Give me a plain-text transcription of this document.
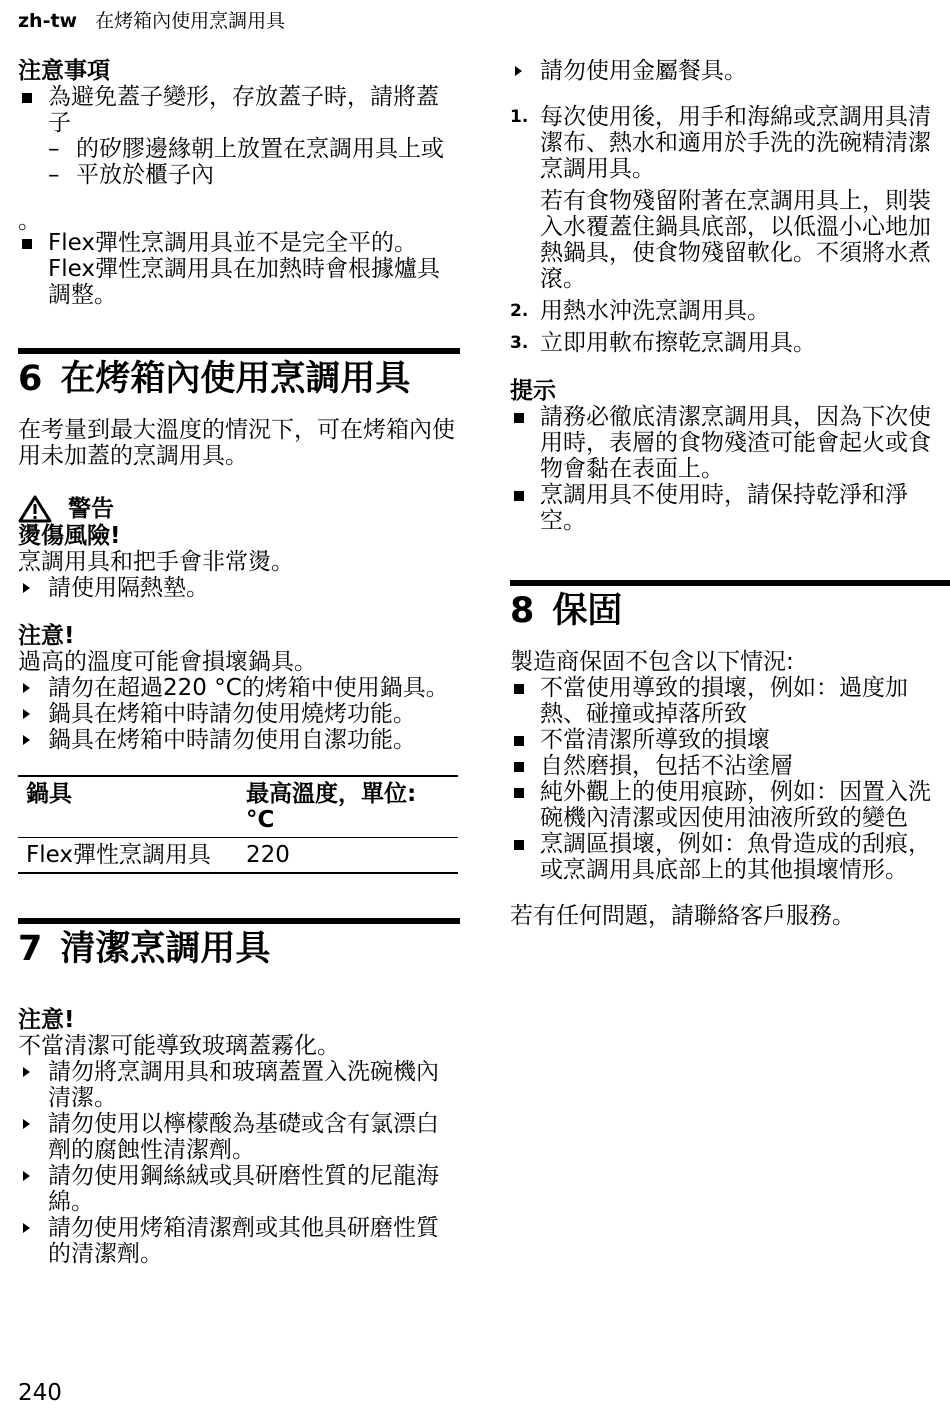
zh-tw 在烤箱內使用烹調用具
注意事項
為避免蓋子變形，存放蓋子時，請將蓋子
– 的矽膠邊緣朝上放置在烹調用具上或
– 平放於櫃子內
。
Flex彈性烹調用具並不是完全平的。Flex彈性烹調用具在加熱時會根據爐具調整。
6 在烤箱內使用烹調用具

在考量到最大溫度的情況下，可在烤箱內使用未加蓋的烹調用具。

警告
燙傷風險!

烹調用具和把手會非常燙。

請使用隔熱墊。
注意!

過高的溫度可能會損壞鍋具。

請勿在超過220 °C的烤箱中使用鍋具。
鍋具在烤箱中時請勿使用燒烤功能。
鍋具在烤箱中時請勿使用自潔功能。
鍋具	最高溫度，單位: °C
Flex彈性烹調用具	220
7 清潔烹調用具
注意!

不當清潔可能導致玻璃蓋霧化。

請勿將烹調用具和玻璃蓋置入洗碗機內清潔。
請勿使用以檸檬酸為基礎或含有氯漂白劑的腐蝕性清潔劑。
請勿使用鋼絲絨或具研磨性質的尼龍海綿。
請勿使用烤箱清潔劑或其他具研磨性質的清潔劑。
請勿使用金屬餐具。
1. 每次使用後，用手和海綿或烹調用具清潔布、熱水和適用於手洗的洗碗精清潔烹調用具。
若有食物殘留附著在烹調用具上，則裝入水覆蓋住鍋具底部，以低溫小心地加熱鍋具，使食物殘留軟化。不須將水煮滾。
2. 用熱水沖洗烹調用具。
3. 立即用軟布擦乾烹調用具。
提示
請務必徹底清潔烹調用具，因為下次使用時，表層的食物殘渣可能會起火或食物會黏在表面上。
烹調用具不使用時，請保持乾淨和淨空。
8 保固

製造商保固不包含以下情況:

不當使用導致的損壞，例如：過度加熱、碰撞或掉落所致
不當清潔所導致的損壞
自然磨損，包括不沾塗層
純外觀上的使用痕跡，例如：因置入洗碗機內清潔或因使用油液所致的變色
烹調區損壞，例如：魚骨造成的刮痕，或烹調用具底部上的其他損壞情形。

若有任何問題，請聯絡客戶服務。

240
